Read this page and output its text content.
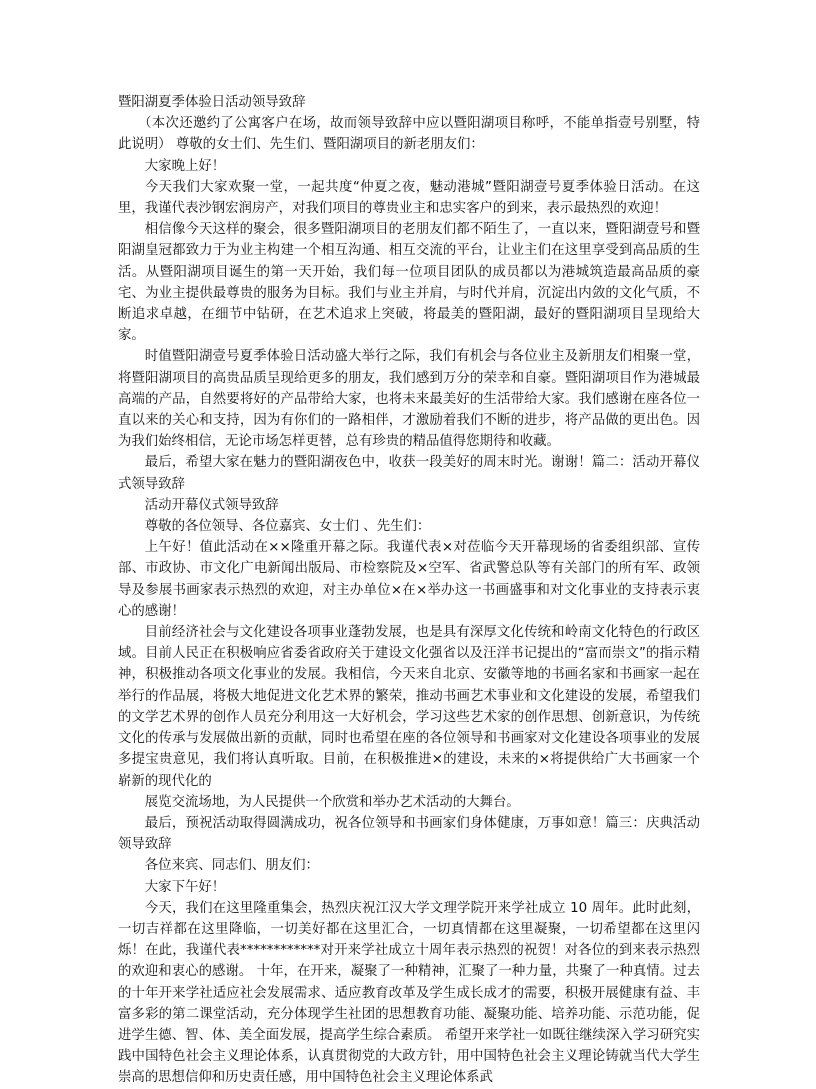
暨阳湖夏季体验日活动领导致辞

（本次还邀约了公寓客户在场，故而领导致辞中应以暨阳湖项目称呼，不能单指壹号别墅，特此说明） 尊敬的女士们、先生们、暨阳湖项目的新老朋友们：

大家晚上好！

今天我们大家欢聚一堂，一起共度“仲夏之夜，魅动港城”暨阳湖壹号夏季体验日活动。在这里，我谨代表沙钢宏润房产，对我们项目的尊贵业主和忠实客户的到来，表示最热烈的欢迎！

相信像今天这样的聚会，很多暨阳湖项目的老朋友们都不陌生了，一直以来，暨阳湖壹号和暨阳湖皇冠都致力于为业主构建一个相互沟通、相互交流的平台，让业主们在这里享受到高品质的生活。从暨阳湖项目诞生的第一天开始，我们每一位项目团队的成员都以为港城筑造最高品质的豪宅、为业主提供最尊贵的服务为目标。我们与业主并肩，与时代并肩，沉淀出内敛的文化气质，不断追求卓越，在细节中钻研，在艺术追求上突破，将最美的暨阳湖，最好的暨阳湖项目呈现给大家。

时值暨阳湖壹号夏季体验日活动盛大举行之际，我们有机会与各位业主及新朋友们相聚一堂，将暨阳湖项目的高贵品质呈现给更多的朋友，我们感到万分的荣幸和自豪。暨阳湖项目作为港城最高端的产品，自然要将好的产品带给大家，也将未来最美好的生活带给大家。我们感谢在座各位一直以来的关心和支持，因为有你们的一路相伴，才激励着我们不断的进步，将产品做的更出色。因为我们始终相信，无论市场怎样更替，总有珍贵的精品值得您期待和收藏。

最后，希望大家在魅力的暨阳湖夜色中，收获一段美好的周末时光。谢谢！篇二：活动开幕仪式领导致辞

活动开幕仪式领导致辞

尊敬的各位领导、各位嘉宾、女士们 、先生们：

上午好！值此活动在××隆重开幕之际。我谨代表×对莅临今天开幕现场的省委组织部、宣传部、市政协、市文化广电新闻出版局、市检察院及×空军、省武警总队等有关部门的所有军、政领导及参展书画家表示热烈的欢迎，对主办单位×在×举办这一书画盛事和对文化事业的支持表示衷心的感谢！

目前经济社会与文化建设各项事业蓬勃发展，也是具有深厚文化传统和岭南文化特色的行政区域。目前人民正在积极响应省委省政府关于建设文化强省以及汪洋书记提出的“富而崇文”的指示精神，积极推动各项文化事业的发展。我相信，今天来自北京、安徽等地的书画名家和书画家一起在举行的作品展，将极大地促进文化艺术界的繁荣，推动书画艺术事业和文化建设的发展，希望我们的文学艺术界的创作人员充分利用这一大好机会，学习这些艺术家的创作思想、创新意识，为传统文化的传承与发展做出新的贡献，同时也希望在座的各位领导和书画家对文化建设各项事业的发展多提宝贵意见，我们将认真听取。目前，在积极推进×的建设，未来的×将提供给广大书画家一个崭新的现代化的

展览交流场地，为人民提供一个欣赏和举办艺术活动的大舞台。

最后，预祝活动取得圆满成功，祝各位领导和书画家们身体健康，万事如意！篇三：庆典活动领导致辞

各位来宾、同志们、朋友们：

大家下午好！

今天，我们在这里隆重集会，热烈庆祝江汉大学文理学院开来学社成立 10 周年。此时此刻，一切吉祥都在这里降临，一切美好都在这里汇合，一切真情都在这里凝聚，一切希望都在这里闪烁！在此，我谨代表************对开来学社成立十周年表示热烈的祝贺！对各位的到来表示热烈的欢迎和衷心的感谢。 十年，在开来，凝聚了一种精神，汇聚了一种力量，共聚了一种真情。过去的十年开来学社适应社会发展需求、适应教育改革及学生成长成才的需要，积极开展健康有益、丰富多彩的第二课堂活动，充分体现学生社团的思想教育功能、凝聚功能、培养功能、示范功能，促进学生德、智、体、美全面发展，提高学生综合素质。 希望开来学社一如既往继续深入学习研究实践中国特色社会主义理论体系，认真贯彻党的大政方针，用中国特色社会主义理论铸就当代大学生崇高的思想信仰和历史责任感，用中国特色社会主义理论体系武
